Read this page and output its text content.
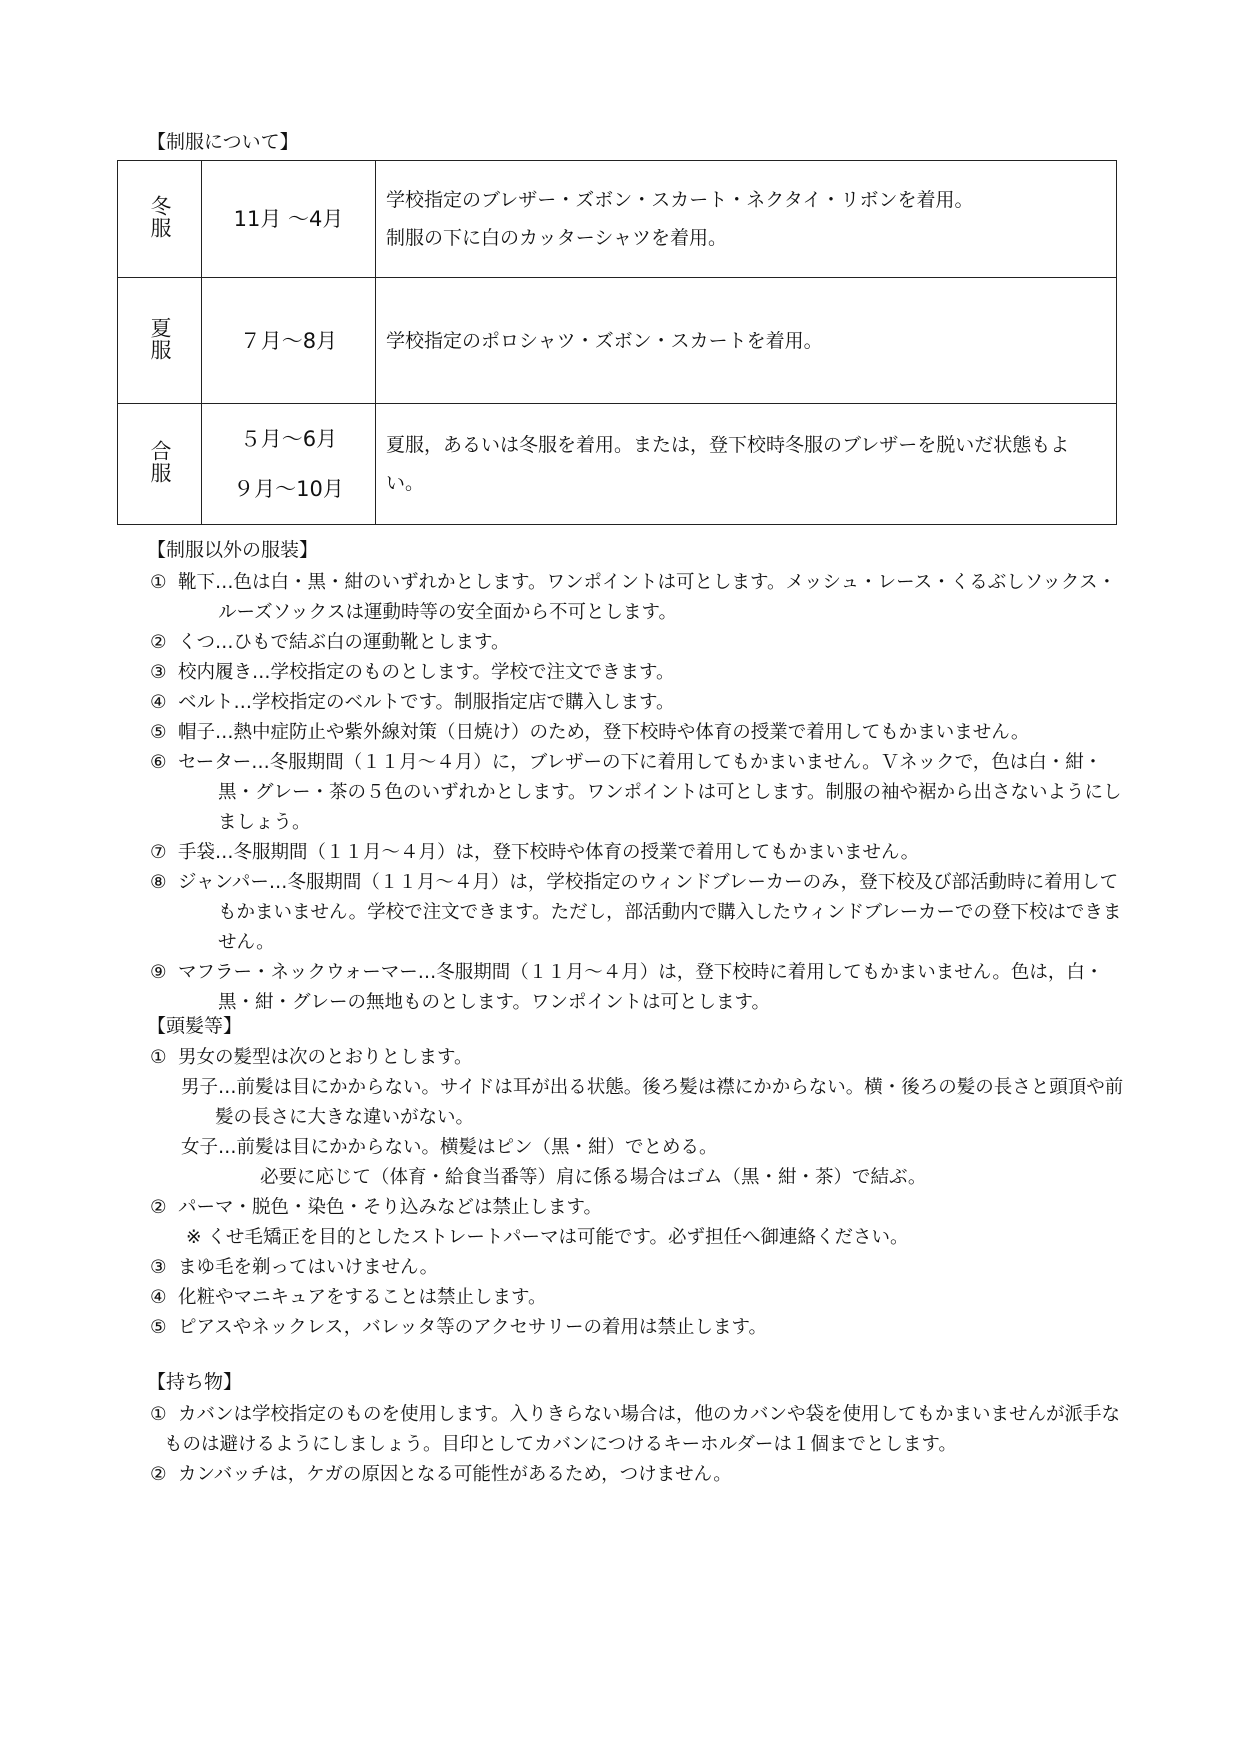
【制服について】
冬服	11月 ～4月	学校指定のブレザー・ズボン・スカート・ネクタイ・リボンを着用。
制服の下に白のカッターシャツを着用。

夏服	７月～8月	学校指定のポロシャツ・ズボン・スカートを着用。

合服	５月～6月
９月～10月	夏服，あるいは冬服を着用。または，登下校時冬服のブレザーを脱いだ状態もよい。
【制服以外の服装】

① 靴下…色は白・黒・紺のいずれかとします。ワンポイントは可とします。メッシュ・レース・くるぶしソックス・ルーズソックスは運動時等の安全面から不可とします。

② くつ…ひもで結ぶ白の運動靴とします。

③ 校内履き…学校指定のものとします。学校で注文できます。

④ ベルト…学校指定のベルトです。制服指定店で購入します。

⑤ 帽子…熱中症防止や紫外線対策（日焼け）のため，登下校時や体育の授業で着用してもかまいません。

⑥ セーター…冬服期間（１１月～４月）に，ブレザーの下に着用してもかまいません。Ｖネックで，色は白・紺・黒・グレー・茶の５色のいずれかとします。ワンポイントは可とします。制服の袖や裾から出さないようにしましょう。

⑦ 手袋…冬服期間（１１月～４月）は，登下校時や体育の授業で着用してもかまいません。

⑧ ジャンパー…冬服期間（１１月～４月）は，学校指定のウィンドブレーカーのみ，登下校及び部活動時に着用してもかまいません。学校で注文できます。ただし，部活動内で購入したウィンドブレーカーでの登下校はできません。

⑨ マフラー・ネックウォーマー…冬服期間（１１月～４月）は，登下校時に着用してもかまいません。色は，白・黒・紺・グレーの無地ものとします。ワンポイントは可とします。

【頭髪等】

① 男女の髪型は次のとおりとします。

男子…前髪は目にかからない。サイドは耳が出る状態。後ろ髪は襟にかからない。横・後ろの髪の長さと頭頂や前髪の長さに大きな違いがない。

女子…前髪は目にかからない。横髪はピン（黒・紺）でとめる。

必要に応じて（体育・給食当番等）肩に係る場合はゴム（黒・紺・茶）で結ぶ。

② パーマ・脱色・染色・そり込みなどは禁止します。

※ くせ毛矯正を目的としたストレートパーマは可能です。必ず担任へ御連絡ください。

③ まゆ毛を剃ってはいけません。

④ 化粧やマニキュアをすることは禁止します。

⑤ ピアスやネックレス，バレッタ等のアクセサリーの着用は禁止します。

【持ち物】

① カバンは学校指定のものを使用します。入りきらない場合は，他のカバンや袋を使用してもかまいませんが派手なものは避けるようにしましょう。目印としてカバンにつけるキーホルダーは１個までとします。

② カンバッチは，ケガの原因となる可能性があるため，つけません。
